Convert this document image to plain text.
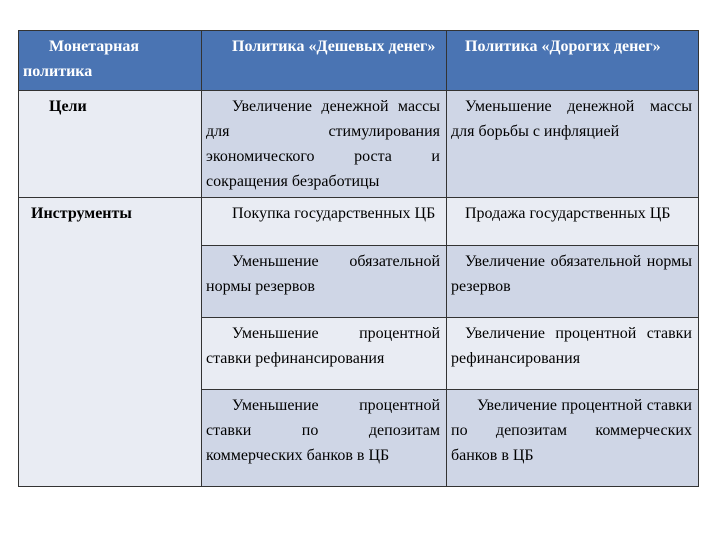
Монетарная политика	Политика «Дешевых денег»	Политика «Дорогих денег»
Цели	Увеличение денежной массы для стимулирования экономического роста и сокращения безработицы	Уменьшение денежной массы для борьбы с инфляцией
Инструменты	Покупка государственных ЦБ	Продажа государственных ЦБ
	Уменьшение обязательной нормы резервов	Увеличение обязательной нормы резервов
	Уменьшение процентной ставки рефинансирования	Увеличение процентной ставки рефинансирования
	Уменьшение процентной ставки по депозитам коммерческих банков в ЦБ	Увеличение процентной ставки по депозитам коммерческих банков в ЦБ
